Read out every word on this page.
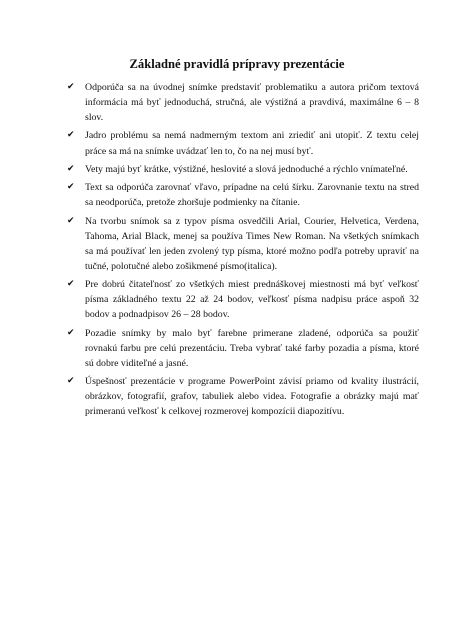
Základné pravidlá prípravy prezentácie
✔ Odporúča sa na úvodnej snímke predstaviť problematiku a autora pričom textová informácia má byť jednoduchá, stručná, ale výstižná a pravdivá, maximálne 6 – 8 slov.
✔ Jadro problému sa nemá nadmerným textom ani zriediť ani utopiť. Z textu celej práce sa má na snímke uvádzať len to, čo na nej musí byť.
✔ Vety majú byť krátke, výstižné, heslovité a slová jednoduché a rýchlo vnímateľné.
✔ Text sa odporúča zarovnať vľavo, prípadne na celú šírku. Zarovnanie textu na stred sa neodporúča, pretože zhoršuje podmienky na čítanie.
✔ Na tvorbu snímok sa z typov písma osvedčili Arial, Courier, Helvetica, Verdena, Tahoma, Arial Black, menej sa používa Times New Roman. Na všetkých snímkach sa má používať len jeden zvolený typ písma, ktoré možno podľa potreby upraviť na tučné, polotučné alebo zošikmené písmo(italica).
✔ Pre dobrú čitateľnosť zo všetkých miest prednáškovej miestnosti má byť veľkosť písma základného textu 22 až 24 bodov, veľkosť písma nadpisu práce aspoň 32 bodov a podnadpisov 26 – 28 bodov.
✔ Pozadie snímky by malo byť farebne primerane zladené, odporúča sa použiť rovnakú farbu pre celú prezentáciu. Treba vybrať také farby pozadia a písma, ktoré sú dobre viditeľné a jasné.
✔ Úspešnosť prezentácie v programe PowerPoint závisí priamo od kvality ilustrácií, obrázkov, fotografií, grafov, tabuliek alebo videa. Fotografie a obrázky majú mať primeranú veľkosť k celkovej rozmerovej kompozícii diapozitívu.
